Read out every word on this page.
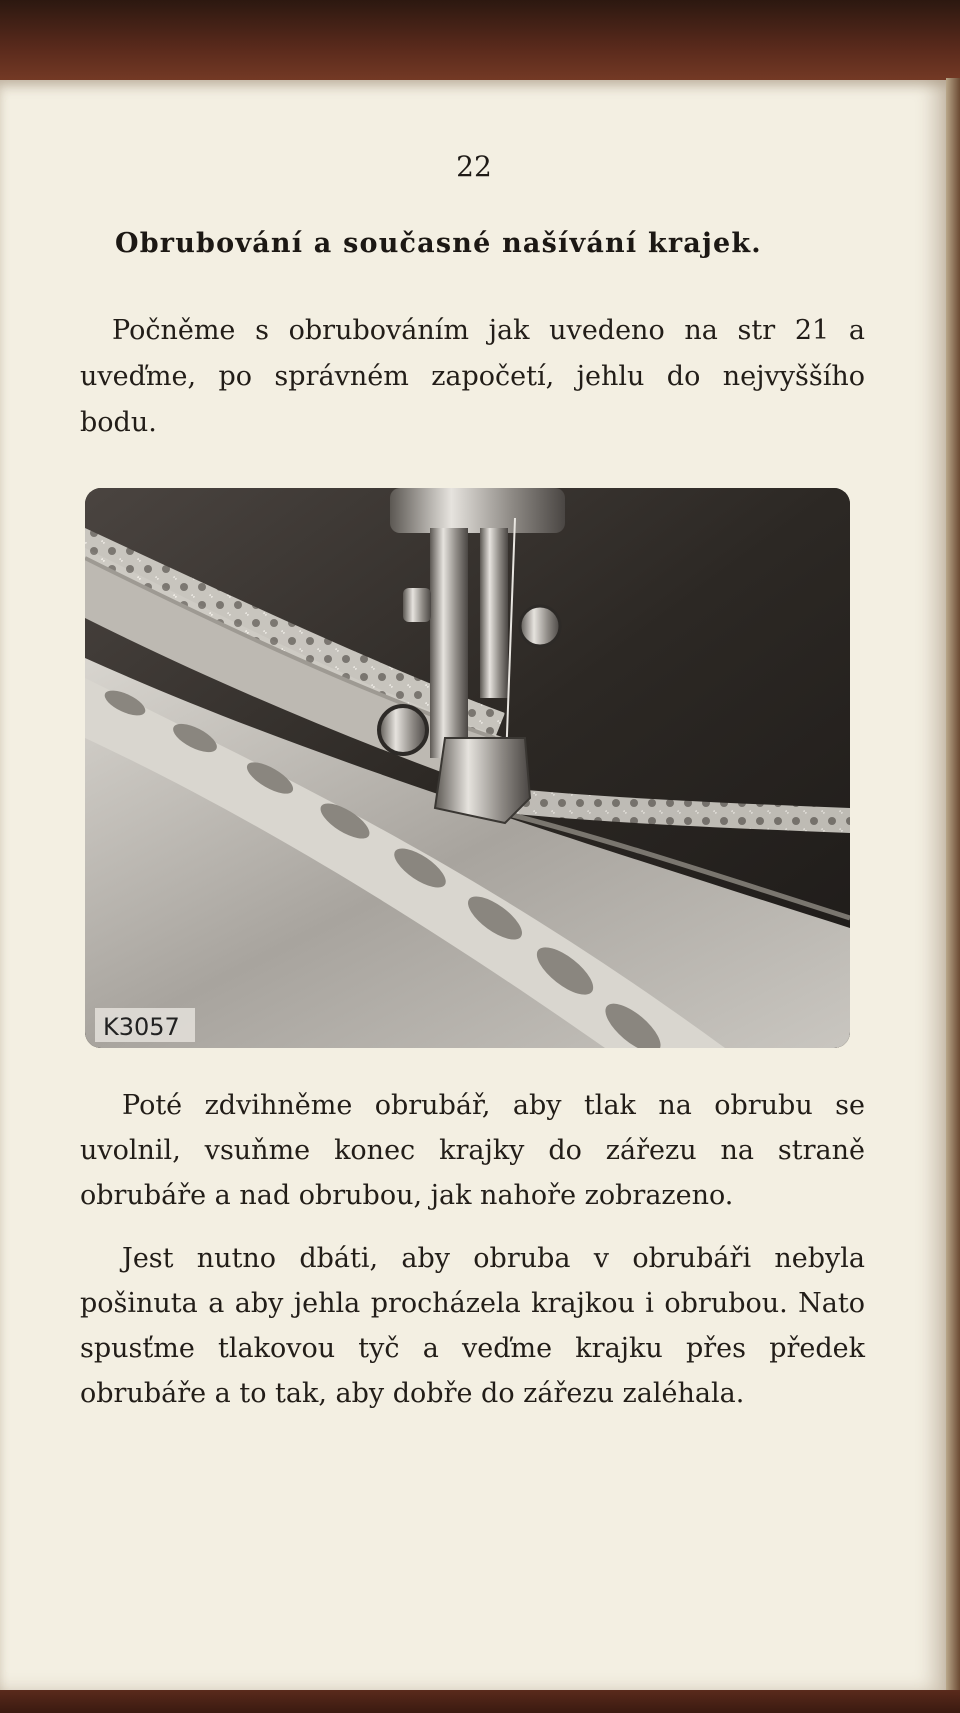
22
Obrubování a současné našívání krajek.

Počněme s obrubováním jak uvedeno na str 21 a uveďme, po správném započetí, jehlu do nejvyššího bodu.

K3057

Poté zdvihněme obrubář, aby tlak na obrubu se uvolnil, vsuňme konec krajky do zářezu na straně obrubáře a nad obrubou, jak nahoře zobrazeno.

Jest nutno dbáti, aby obruba v obrubáři nebyla pošinuta a aby jehla procházela krajkou i obrubou. Nato spusťme tlakovou tyč a veďme krajku přes předek obrubáře a to tak, aby dobře do zářezu zaléhala.
